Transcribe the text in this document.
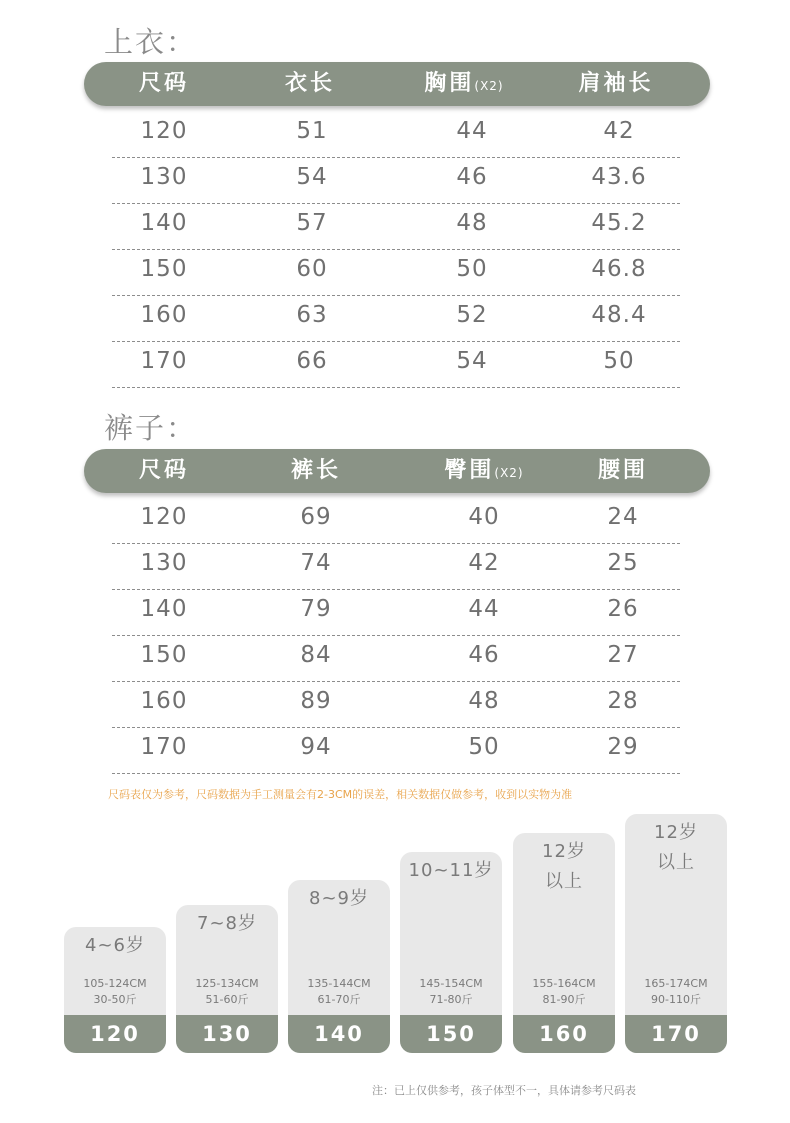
上衣：
尺码	衣长	胸围(X2)	肩袖长
120	51	44	42
130	54	46	43.6
140	57	48	45.2
150	60	50	46.8
160	63	52	48.4
170	66	54	50
裤子：
尺码	裤长	臀围(X2)	腰围
120	69	40	24
130	74	42	25
140	79	44	26
150	84	46	27
160	89	48	28
170	94	50	29
尺码表仅为参考，尺码数据为手工测量会有2-3CM的误差，相关数据仅做参考，收到以实物为准
4~6岁
105-124CM
30-50斤
120
7~8岁
125-134CM
51-60斤
130
8~9岁
135-144CM
61-70斤
140
10~11岁
145-154CM
71-80斤
150
12岁
以上
155-164CM
81-90斤
160
12岁
以上
165-174CM
90-110斤
170
注：已上仅供参考，孩子体型不一，具体请参考尺码表
